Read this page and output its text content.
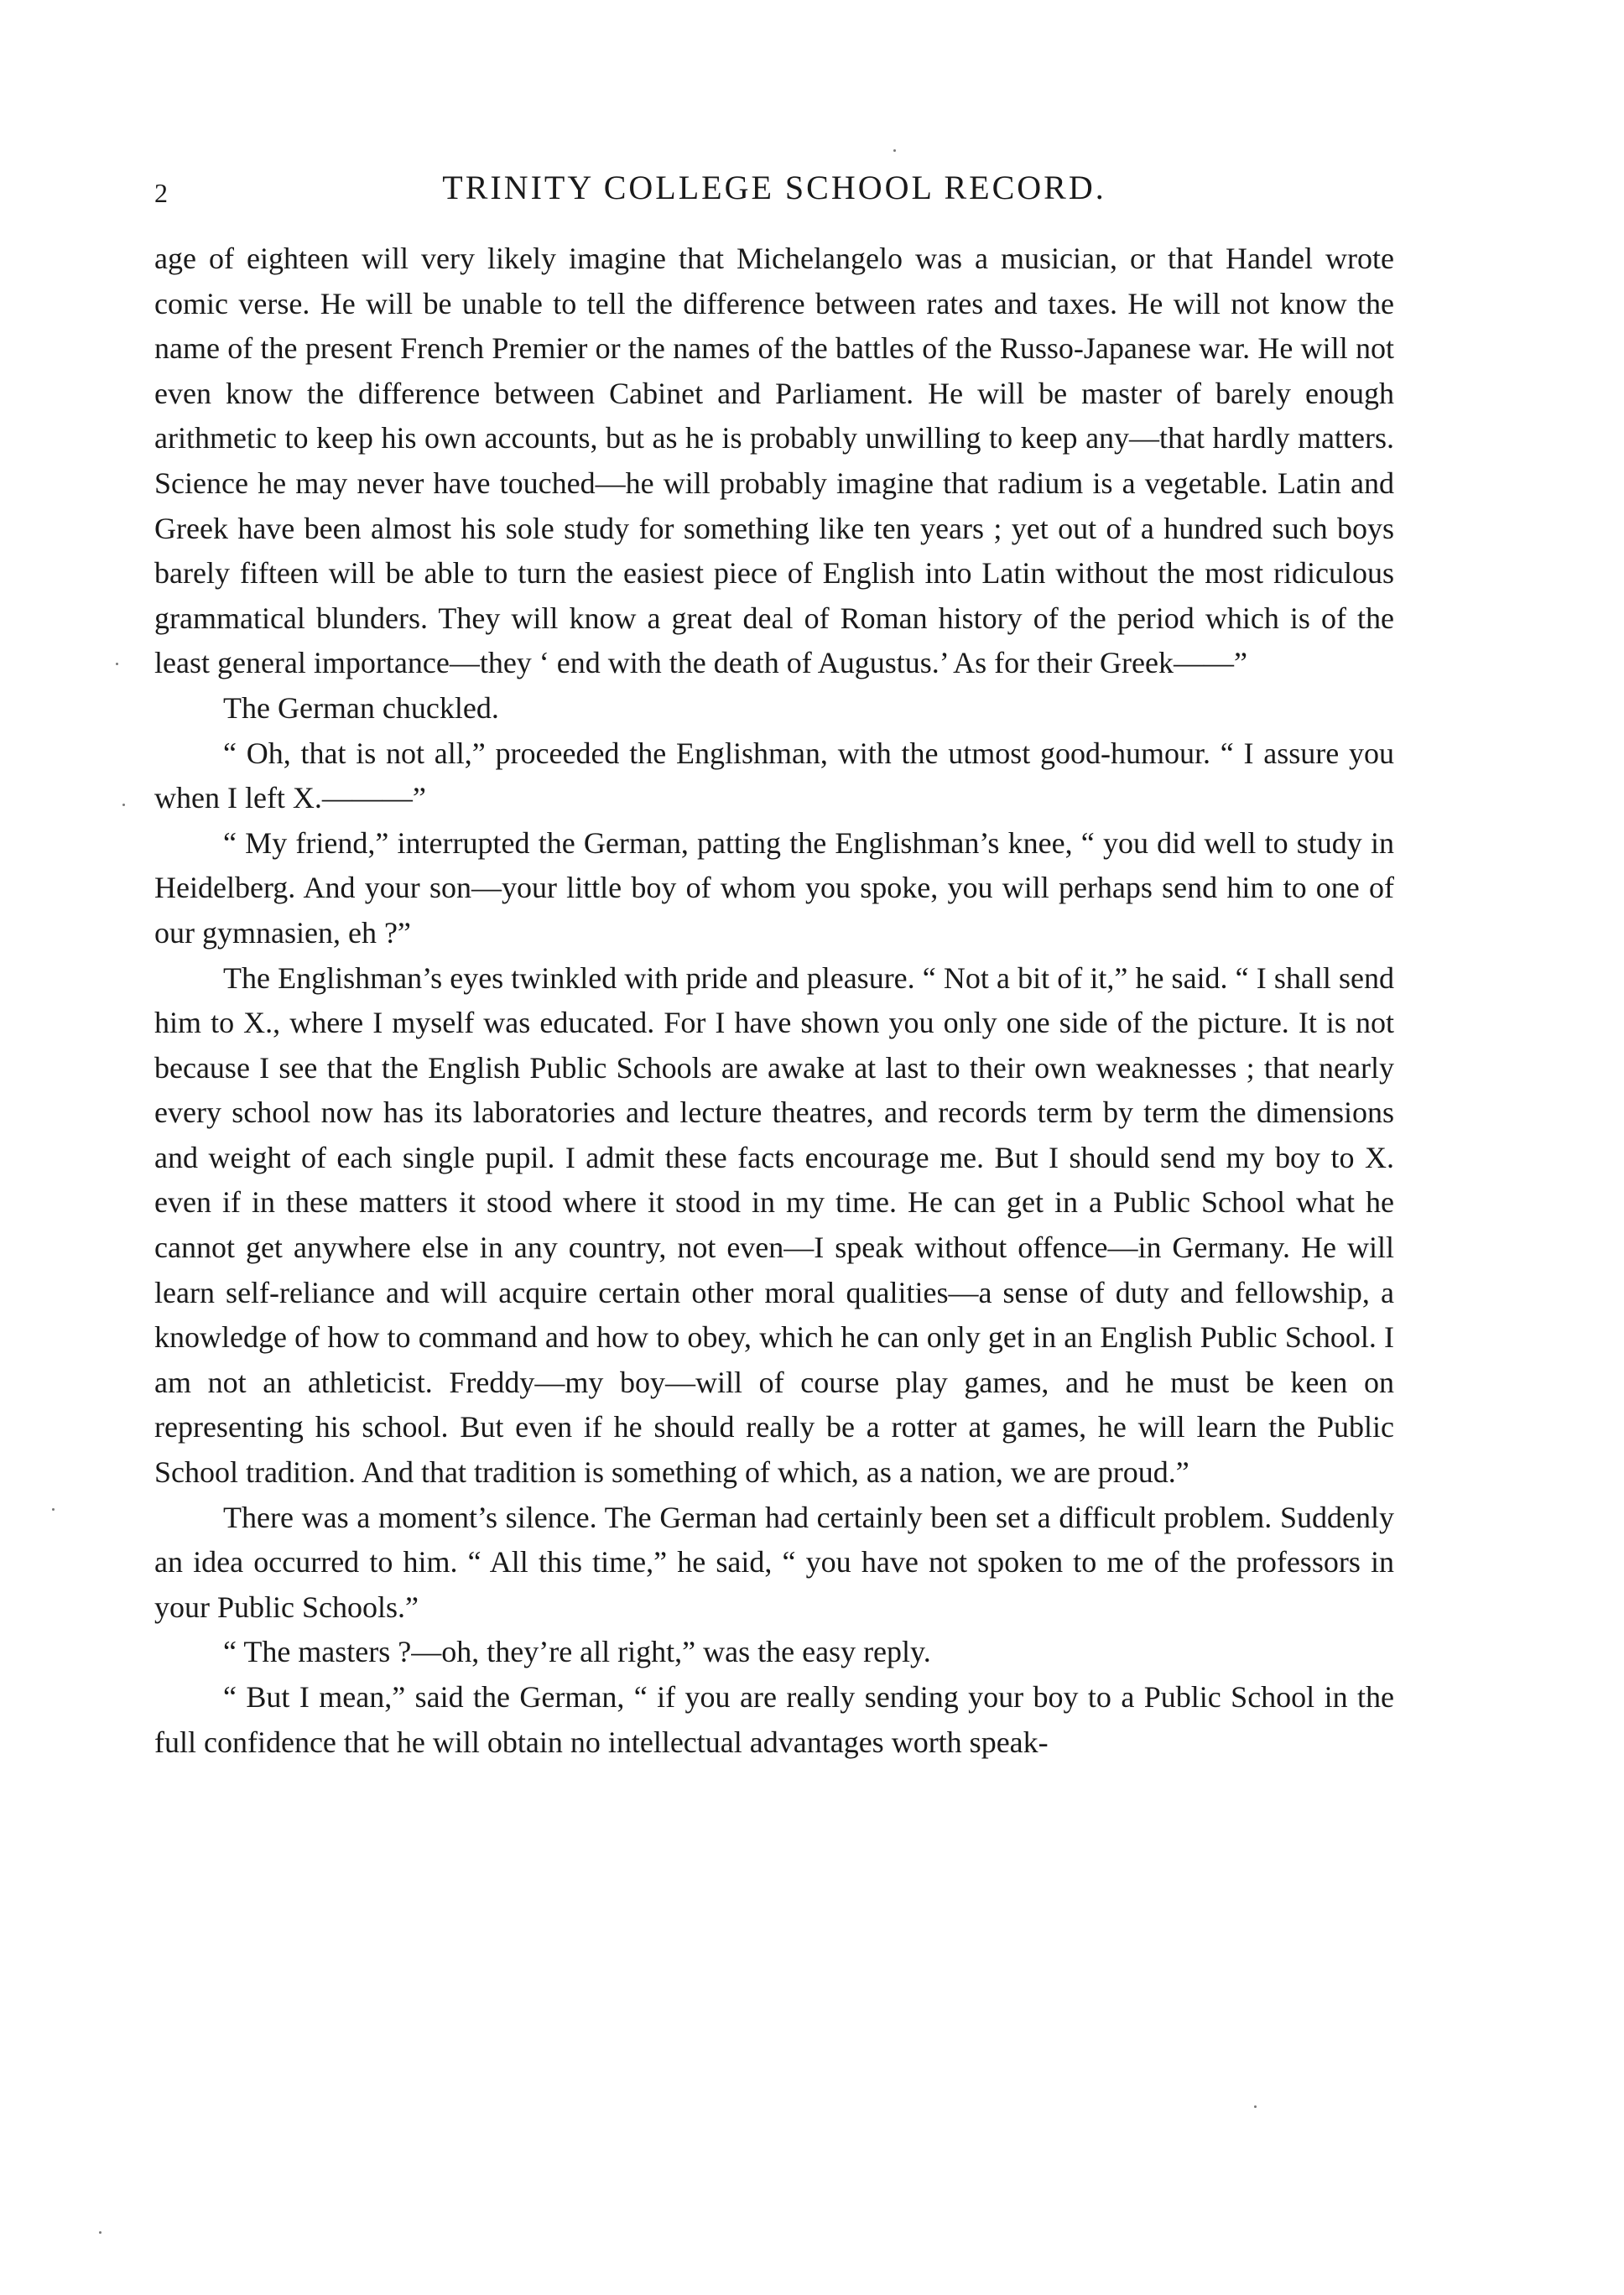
2	TRINITY COLLEGE SCHOOL RECORD.

age of eighteen will very likely imagine that Michelangelo was a musician, or that Handel wrote comic verse. He will be unable to tell the difference between rates and taxes. He will not know the name of the present French Premier or the names of the battles of the Russo-Japanese war. He will not even know the difference between Cabinet and Parliament. He will be master of barely enough arithmetic to keep his own accounts, but as he is probably unwilling to keep any—that hardly matters. Science he may never have touched—he will probably imagine that radium is a vegetable. Latin and Greek have been almost his sole study for something like ten years ; yet out of a hundred such boys barely fifteen will be able to turn the easiest piece of English into Latin without the most ridiculous grammatical blunders. They will know a great deal of Roman history of the period which is of the least general importance—they ‘ end with the death of Augustus.’ As for their Greek——”

The German chuckled.

“ Oh, that is not all,” proceeded the Englishman, with the utmost good-humour. “ I assure you when I left X.———”

“ My friend,” interrupted the German, patting the Englishman’s knee, “ you did well to study in Heidelberg. And your son—your little boy of whom you spoke, you will perhaps send him to one of our gymnasien, eh ?”

The Englishman’s eyes twinkled with pride and pleasure. “ Not a bit of it,” he said. “ I shall send him to X., where I myself was educated. For I have shown you only one side of the picture. It is not because I see that the English Public Schools are awake at last to their own weaknesses ; that nearly every school now has its laboratories and lecture theatres, and records term by term the dimensions and weight of each single pupil. I admit these facts encourage me. But I should send my boy to X. even if in these matters it stood where it stood in my time. He can get in a Public School what he cannot get anywhere else in any country, not even—I speak without offence—in Germany. He will learn self-reliance and will acquire certain other moral qualities—a sense of duty and fellowship, a knowledge of how to command and how to obey, which he can only get in an English Public School. I am not an athleticist. Freddy—my boy—will of course play games, and he must be keen on representing his school. But even if he should really be a rotter at games, he will learn the Public School tradition. And that tradition is something of which, as a nation, we are proud.”

There was a moment’s silence. The German had certainly been set a difficult problem. Suddenly an idea occurred to him. “ All this time,” he said, “ you have not spoken to me of the professors in your Public Schools.”

“ The masters ?—oh, they’re all right,” was the easy reply.

“ But I mean,” said the German, “ if you are really sending your boy to a Public School in the full confidence that he will obtain no intellectual advantages worth speak-
